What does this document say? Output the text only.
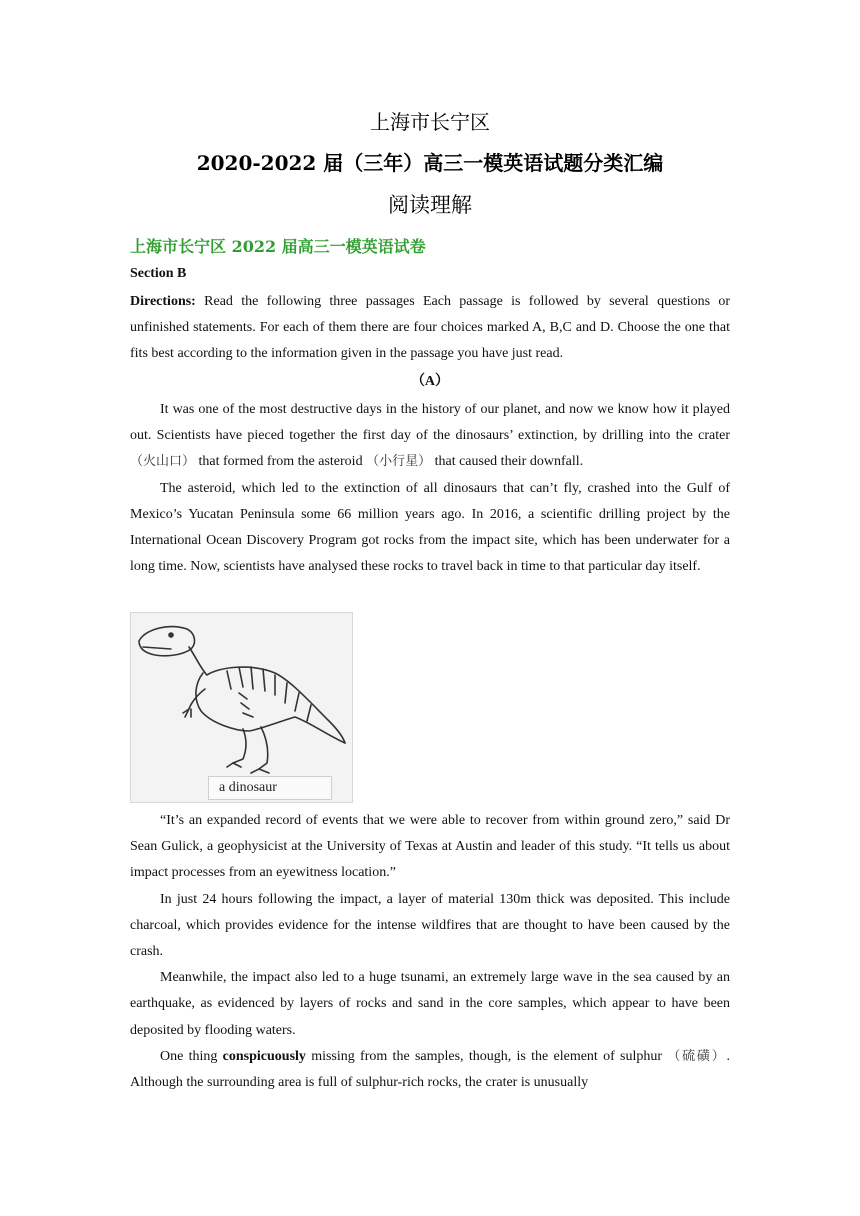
上海市长宁区
2020-2022 届（三年）高三一模英语试题分类汇编
阅读理解
上海市长宁区 2022 届高三一模英语试卷
Section B

Directions: Read the following three passages Each passage is followed by several questions or unfinished statements. For each of them there are four choices marked A, B,C and D. Choose the one that fits best according to the information given in the passage you have just read.

（A）

It was one of the most destructive days in the history of our planet, and now we know how it played out. Scientists have pieced together the first day of the dinosaurs’ extinction, by drilling into the crater （火山口） that formed from the asteroid （小行星） that caused their downfall.

The asteroid, which led to the extinction of all dinosaurs that can’t fly, crashed into the Gulf of Mexico’s Yucatan Peninsula some 66 million years ago. In 2016, a scientific drilling project by the International Ocean Discovery Program got rocks from the impact site, which has been underwater for a long time. Now, scientists have analysed these rocks to travel back in time to that particular day itself.

a dinosaur

“It’s an expanded record of events that we were able to recover from within ground zero,” said Dr Sean Gulick, a geophysicist at the University of Texas at Austin and leader of this study. “It tells us about impact processes from an eyewitness location.”

In just 24 hours following the impact, a layer of material 130m thick was deposited. This include charcoal, which provides evidence for the intense wildfires that are thought to have been caused by the crash.

Meanwhile, the impact also led to a huge tsunami, an extremely large wave in the sea caused by an earthquake, as evidenced by layers of rocks and sand in the core samples, which appear to have been deposited by flooding waters.

One thing conspicuously missing from the samples, though, is the element of sulphur （硫磺）. Although the surrounding area is full of sulphur-rich rocks, the crater is unusually
